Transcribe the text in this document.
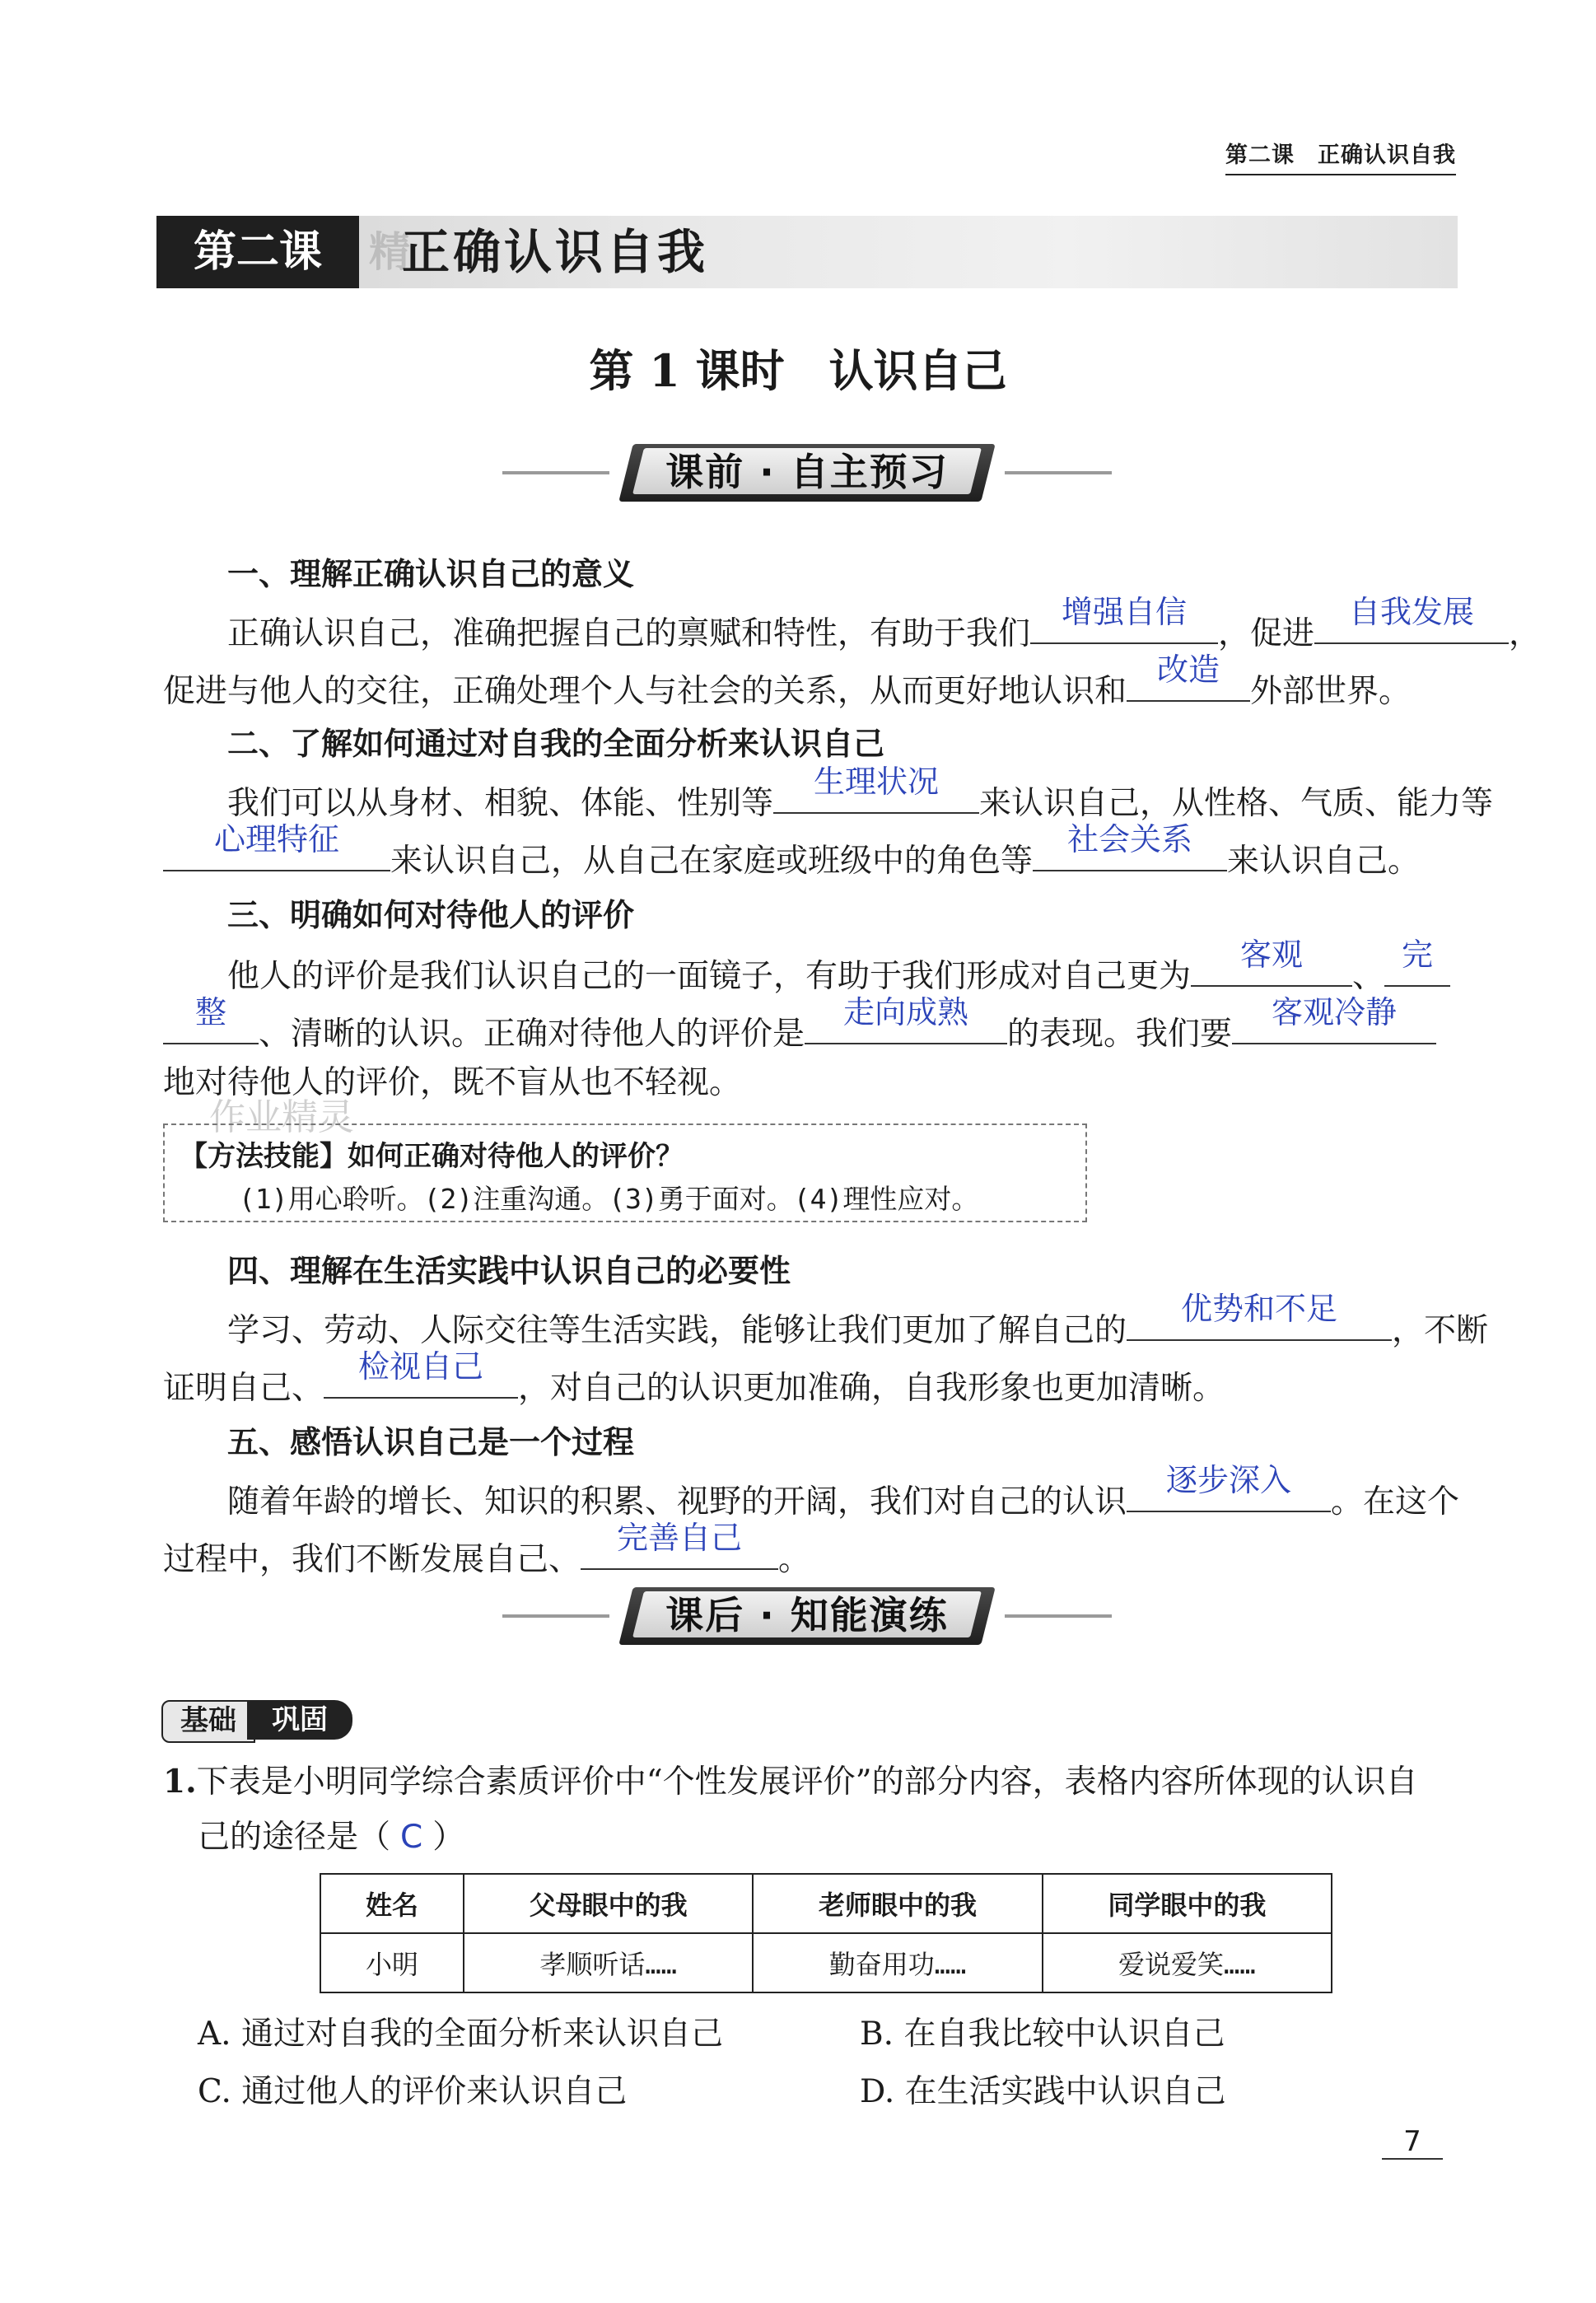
第二课　正确认识自我
精
第二课	正确认识自我
第 1 课时　认识自己
课前 · 自主预习
一、理解正确认识自己的意义
正确认识自己，准确把握自己的禀赋和特性，有助于我们
增强自信
，促进
自我发展
，
促进与他人的交往，正确处理个人与社会的关系，从而更好地认识和
改造
外部世界。
二、了解如何通过对自我的全面分析来认识自己
我们可以从身材、相貌、体能、性别等
生理状况
来认识自己，从性格、气质、能力等
心理特征
来认识自己，从自己在家庭或班级中的角色等
社会关系
来认识自己。
三、明确如何对待他人的评价
他人的评价是我们认识自己的一面镜子，有助于我们形成对自己更为
客观
、
完
整
、清晰的认识。正确对待他人的评价是
走向成熟
的表现。我们要
客观冷静
地对待他人的评价，既不盲从也不轻视。
作业精灵
【方法技能】如何正确对待他人的评价？
(1)用心聆听。(2)注重沟通。(3)勇于面对。(4)理性应对。
四、理解在生活实践中认识自己的必要性
学习、劳动、人际交往等生活实践，能够让我们更加了解自己的
优势和不足
，不断
证明自己、
检视自己
，对自己的认识更加准确，自我形象也更加清晰。
五、感悟认识自己是一个过程
随着年龄的增长、知识的积累、视野的开阔，我们对自己的认识
逐步深入
。在这个
过程中，我们不断发展自己、
完善自己
。
课后 · 知能演练
基础	巩固
1.下表是小明同学综合素质评价中“个性发展评价”的部分内容，表格内容所体现的认识自
己的途径是（ C ）
姓名	父母眼中的我	老师眼中的我	同学眼中的我
小明	孝顺听话……	勤奋用功……	爱说爱笑……
A. 通过对自我的全面分析来认识自己	B. 在自我比较中认识自己
C. 通过他人的评价来认识自己	D. 在生活实践中认识自己
7
